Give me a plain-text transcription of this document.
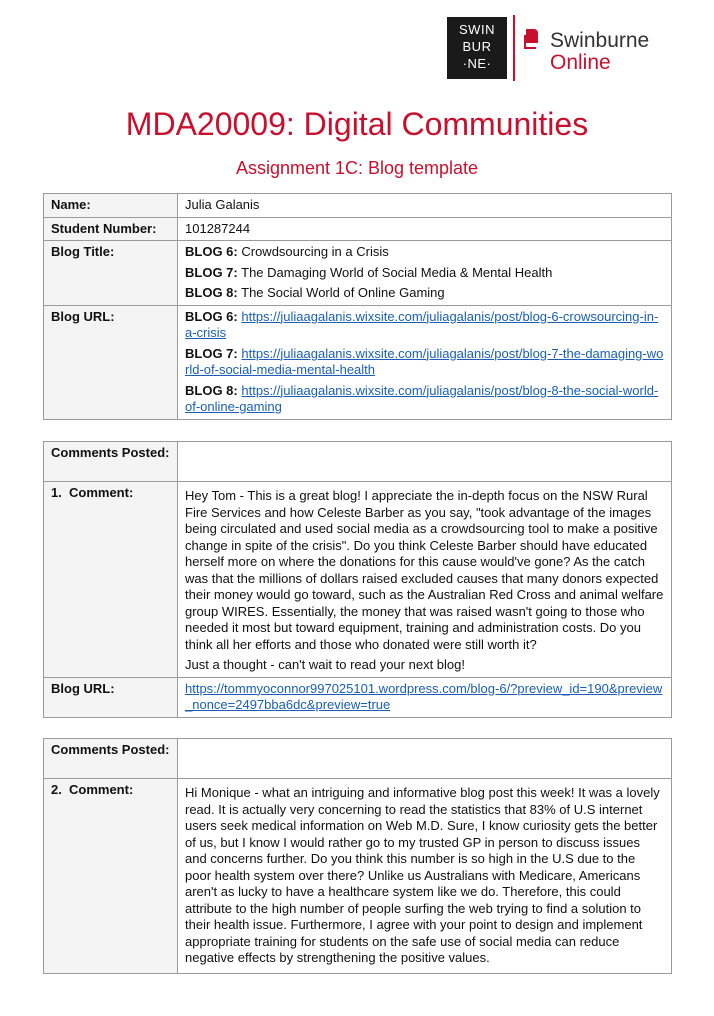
SWIN
BUR
·NE·
Swinburne
Online
MDA20009: Digital Communities
Assignment 1C: Blog template
Name:	Julia Galanis
Student Number:	101287244
Blog Title:	BLOG 6: Crowdsourcing in a Crisis
BLOG 7: The Damaging World of Social Media & Mental Health
BLOG 8: The Social World of Online Gaming

Blog URL:	BLOG 6: https://juliaagalanis.wixsite.com/juliagalanis/post/blog-6-crowsourcing-in-a-crisis
BLOG 7: https://juliaagalanis.wixsite.com/juliagalanis/post/blog-7-the-damaging-world-of-social-media-mental-health
BLOG 8: https://juliaagalanis.wixsite.com/juliagalanis/post/blog-8-the-social-world-of-online-gaming
Comments Posted:	
1. Comment:	Hey Tom - This is a great blog! I appreciate the in-depth focus on the NSW Rural Fire Services and how Celeste Barber as you say, "took advantage of the images being circulated and used social media as a crowdsourcing tool to make a positive change in spite of the crisis". Do you think Celeste Barber should have educated herself more on where the donations for this cause would've gone? As the catch was that the millions of dollars raised excluded causes that many donors expected their money would go toward, such as the Australian Red Cross and animal welfare group WIRES. Essentially, the money that was raised wasn't going to those who needed it most but toward equipment, training and administration costs. Do you think all her efforts and those who donated were still worth it?
Just a thought - can't wait to read your next blog!

Blog URL:	https://tommyoconnor997025101.wordpress.com/blog-6/?preview_id=190&preview_nonce=2497bba6dc&preview=true
Comments Posted:	
2. Comment:	Hi Monique - what an intriguing and informative blog post this week! It was a lovely read. It is actually very concerning to read the statistics that 83% of U.S internet users seek medical information on Web M.D. Sure, I know curiosity gets the better of us, but I know I would rather go to my trusted GP in person to discuss issues and concerns further. Do you think this number is so high in the U.S due to the poor health system over there? Unlike us Australians with Medicare, Americans aren't as lucky to have a healthcare system like we do. Therefore, this could attribute to the high number of people surfing the web trying to find a solution to their health issue. Furthermore, I agree with your point to design and implement appropriate training for students on the safe use of social media can reduce negative effects by strengthening the positive values.
